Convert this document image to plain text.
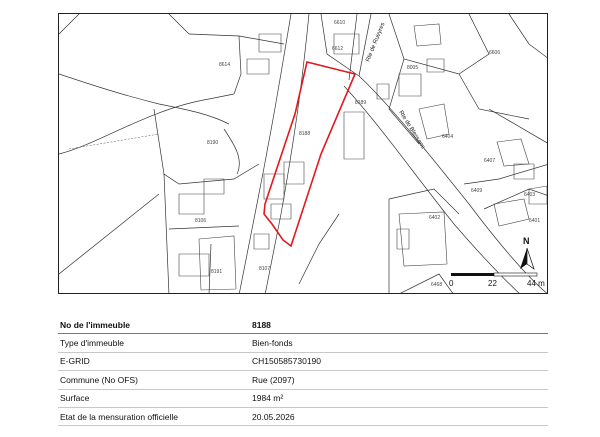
6610
6612
8614
8188
8189
8190
8107
8106
8005
6606
6404
6407
6409
6403
6402	6401
6468
8191
Rte de Rueyres
Rte de Blessens
0	22	44 m
N
No de l'immeuble	8188
Type d'immeuble	Bien-fonds
E-GRID	CH150585730190
Commune (No OFS)	Rue (2097)
Surface	1984 m²
Etat de la mensuration officielle	20.05.2026
